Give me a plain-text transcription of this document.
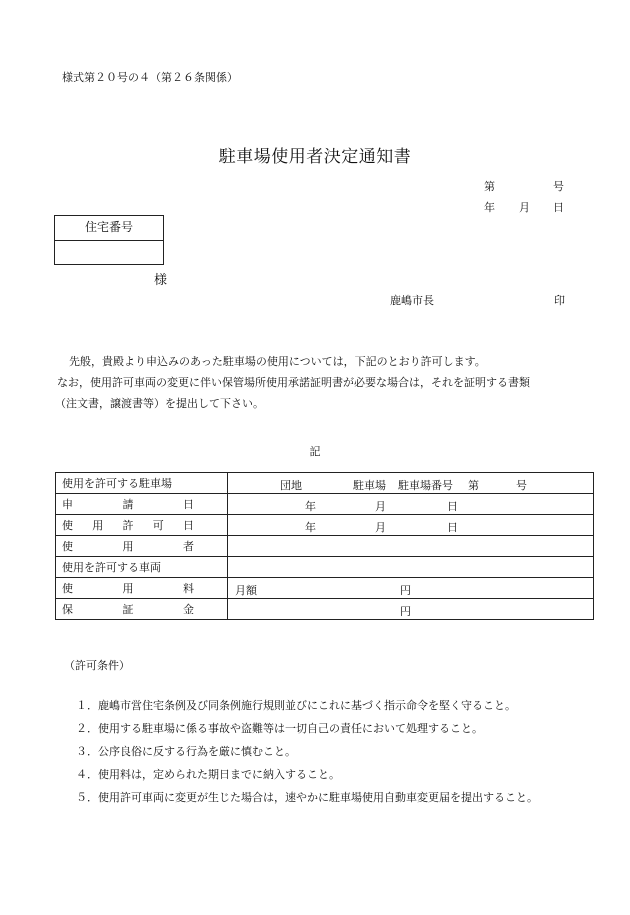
様式第２０号の４（第２６条関係）
駐車場使用者決定通知書
第	号
年 月 日
住宅番号
様
鹿嶋市長	印
先般，貴殿より申込みのあった駐車場の使用については，下記のとおり許可します。
なお，使用許可車両の変更に伴い保管場所使用承諾証明書が必要な場合は，それを証明する書類
（注文書，譲渡書等）を提出して下さい。
記
使用を許可する駐車場	団地 駐車場 駐車場番号 第 号

申 請 日	年 月 日

使 用 許 可 日	年 月 日

使 用 者	

使用を許可する車両	

使 用 料	月額 円

保 証 金	円
（許可条件）
１．鹿嶋市営住宅条例及び同条例施行規則並びにこれに基づく指示命令を堅く守ること。
２．使用する駐車場に係る事故や盗難等は一切自己の責任において処理すること。
３．公序良俗に反する行為を厳に慎むこと。
４．使用料は，定められた期日までに納入すること。
５．使用許可車両に変更が生じた場合は，速やかに駐車場使用自動車変更届を提出すること。
